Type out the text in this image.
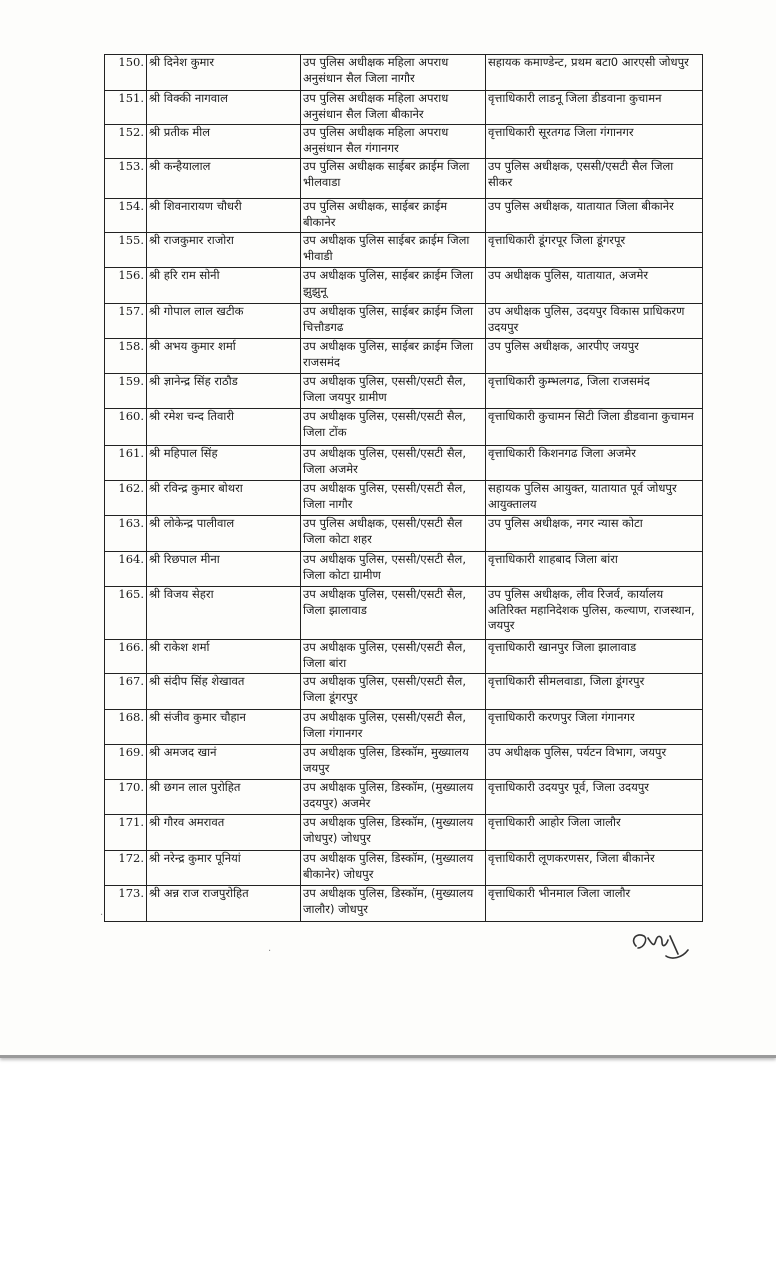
150.	श्री दिनेश कुमार	उप पुलिस अधीक्षक महिला अपराध अनुसंधान सैल जिला नागौर	सहायक कमाण्डेन्ट, प्रथम बटा0 आरएसी जोधपुर
151.	श्री विक्की नागवाल	उप पुलिस अधीक्षक महिला अपराध अनुसंधान सैल जिला बीकानेर	वृत्ताधिकारी लाडनू जिला डीडवाना कुचामन
152.	श्री प्रतीक मील	उप पुलिस अधीक्षक महिला अपराध अनुसंधान सैल गंगानगर	वृत्ताधिकारी सूरतगढ जिला गंगानगर
153.	श्री कन्हैयालाल	उप पुलिस अधीक्षक साईबर क्राईम जिला भीलवाडा	उप पुलिस अधीक्षक, एससी/एसटी सैल जिला सीकर
154.	श्री शिवनारायण चौधरी	उप पुलिस अधीक्षक, साईबर क्राईम बीकानेर	उप पुलिस अधीक्षक, यातायात जिला बीकानेर
155.	श्री राजकुमार राजोरा	उप अधीक्षक पुलिस साईबर क्राईम जिला भीवाडी	वृत्ताधिकारी डूंगरपूर जिला डूंगरपूर
156.	श्री हरि राम सोनी	उप अधीक्षक पुलिस, साईबर क्राईम जिला झुझुनू	उप अधीक्षक पुलिस, यातायात, अजमेर
157.	श्री गोपाल लाल खटीक	उप अधीक्षक पुलिस, साईबर क्राईम जिला चित्तौडगढ	उप अधीक्षक पुलिस, उदयपुर विकास प्राधिकरण उदयपुर
158.	श्री अभय कुमार शर्मा	उप अधीक्षक पुलिस, साईबर क्राईम जिला राजसमंद	उप पुलिस अधीक्षक, आरपीए जयपुर
159.	श्री ज्ञानेन्द्र सिंह राठौड	उप अधीक्षक पुलिस, एससी/एसटी सैल, जिला जयपुर ग्रामीण	वृत्ताधिकारी कुम्भलगढ, जिला राजसमंद
160.	श्री रमेश चन्द तिवारी	उप अधीक्षक पुलिस, एससी/एसटी सैल, जिला टोंक	वृत्ताधिकारी कुचामन सिटी जिला डीडवाना कुचामन
161.	श्री महिपाल सिंह	उप अधीक्षक पुलिस, एससी/एसटी सैल, जिला अजमेर	वृत्ताधिकारी किशनगढ जिला अजमेर
162.	श्री रविन्द्र कुमार बोथरा	उप अधीक्षक पुलिस, एससी/एसटी सैल, जिला नागौर	सहायक पुलिस आयुक्त, यातायात पूर्व जोधपुर आयुक्तालय
163.	श्री लोकेन्द्र पालीवाल	उप पुलिस अधीक्षक, एससी/एसटी सैल जिला कोटा शहर	उप पुलिस अधीक्षक, नगर न्यास कोटा
164.	श्री रिछपाल मीना	उप अधीक्षक पुलिस, एससी/एसटी सैल, जिला कोटा ग्रामीण	वृत्ताधिकारी शाहबाद जिला बांरा
165.	श्री विजय सेहरा	उप अधीक्षक पुलिस, एससी/एसटी सैल, जिला झालावाड	उप पुलिस अधीक्षक, लीव रिजर्व, कार्यालय अतिरिक्त महानिदेशक पुलिस, कल्याण, राजस्थान, जयपुर
166.	श्री राकेश शर्मा	उप अधीक्षक पुलिस, एससी/एसटी सैल, जिला बांरा	वृत्ताधिकारी खानपुर जिला झालावाड
167.	श्री संदीप सिंह शेखावत	उप अधीक्षक पुलिस, एससी/एसटी सैल, जिला डूंगरपुर	वृत्ताधिकारी सीमलवाडा, जिला डूंगरपुर
168.	श्री संजीव कुमार चौहान	उप अधीक्षक पुलिस, एससी/एसटी सैल, जिला गंगानगर	वृत्ताधिकारी करणपुर जिला गंगानगर
169.	श्री अमजद खानं	उप अधीक्षक पुलिस, डिस्कॉम, मुख्यालय जयपुर	उप अधीक्षक पुलिस, पर्यटन विभाग, जयपुर
170.	श्री छगन लाल पुरोहित	उप अधीक्षक पुलिस, डिस्कॉम, (मुख्यालय उदयपुर) अजमेर	वृत्ताधिकारी उदयपुर पूर्व, जिला उदयपुर
171.	श्री गौरव अमरावत	उप अधीक्षक पुलिस, डिस्कॉम, (मुख्यालय जोधपुर) जोधपुर	वृत्ताधिकारी आहोर जिला जालौर
172.	श्री नरेन्द्र कुमार पूनियां	उप अधीक्षक पुलिस, डिस्कॉम, (मुख्यालय बीकानेर) जोधपुर	वृत्ताधिकारी लूणकरणसर, जिला बीकानेर
173.	श्री अन्न राज राजपुरोहित	उप अधीक्षक पुलिस, डिस्कॉम, (मुख्यालय जालौर) जोधपुर	वृत्ताधिकारी भीनमाल जिला जालौर
·
·
